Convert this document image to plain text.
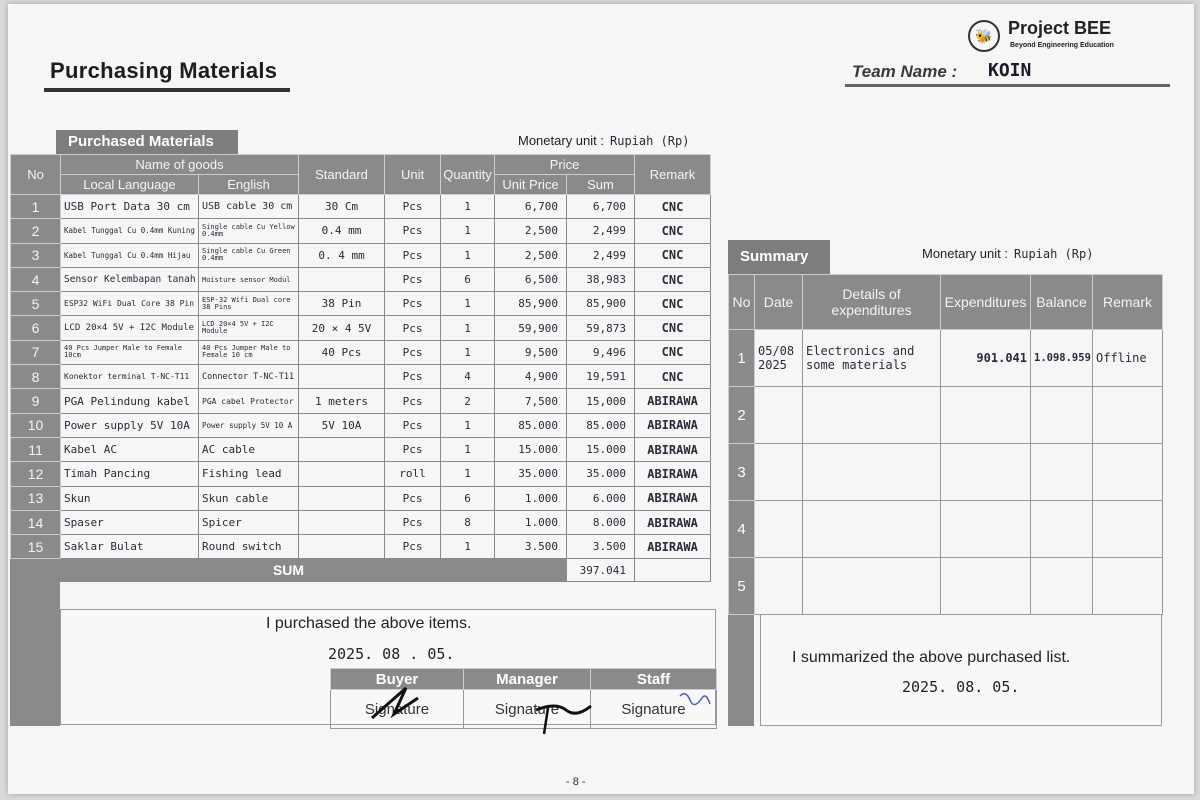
Purchasing Materials
🐝 Project BEE
Beyond Engineering Education
Team Name : KOIN
Purchased Materials	Monetary unit : Rupiah (Rp)
No	Name of goods		Standard	Unit	Quantity	Price		Remark
	Local Language	English				Unit Price	Sum	
1	USB Port Data 30 cm	USB cable 30 cm	30 Cm	Pcs	1	6,700	6,700	CNC
2	Kabel Tunggal Cu 0.4mm Kuning	Single cable Cu Yellow 0.4mm	0.4 mm	Pcs	1	2,500	2,499	CNC
3	Kabel Tunggal Cu 0.4mm Hijau	Single cable Cu Green 0.4mm	0. 4 mm	Pcs	1	2,500	2,499	CNC
4	Sensor Kelembapan tanah	Moisture sensor Modul		Pcs	6	6,500	38,983	CNC
5	ESP32 WiFi Dual Core 38 Pin	ESP-32 Wifi Dual core 38 Pins	38 Pin	Pcs	1	85,900	85,900	CNC
6	LCD 20×4 5V + I2C Module	LCD 20×4 5V + I2C Module	20 × 4 5V	Pcs	1	59,900	59,873	CNC
7	40 Pcs Jumper Male to Female 10cm	40 Pcs Jumper Male to Female 10 cm	40 Pcs	Pcs	1	9,500	9,496	CNC
8	Konektor terminal T-NC-T11	Connector T-NC-T11		Pcs	4	4,900	19,591	CNC
9	PGA Pelindung kabel	PGA cabel Protector	1 meters	Pcs	2	7,500	15,000	ABIRAWA
10	Power supply 5V 10A	Power supply 5V 10 A	5V 10A	Pcs	1	85.000	85.000	ABIRAWA
11	Kabel AC	AC cable		Pcs	1	15.000	15.000	ABIRAWA
12	Timah Pancing	Fishing lead		roll	1	35.000	35.000	ABIRAWA
13	Skun	Skun cable		Pcs	6	1.000	6.000	ABIRAWA
14	Spaser	Spicer		Pcs	8	1.000	8.000	ABIRAWA
15	Saklar Bulat	Round switch		Pcs	1	3.500	3.500	ABIRAWA
SUM							397.041	
I purchased the above items.
2025. 08 . 05.
Buyer	Manager	Staff
Signature	Signature	Signature
Summary	Monetary unit : Rupiah (Rp)
No	Date	Details of expenditures	Expenditures	Balance	Remark
1	05/08 2025	Electronics and some materials	901.041	1.098.959	Offline
2					
3					
4					
5					
I summarized the above purchased list.
2025. 08. 05.
- 8 -
